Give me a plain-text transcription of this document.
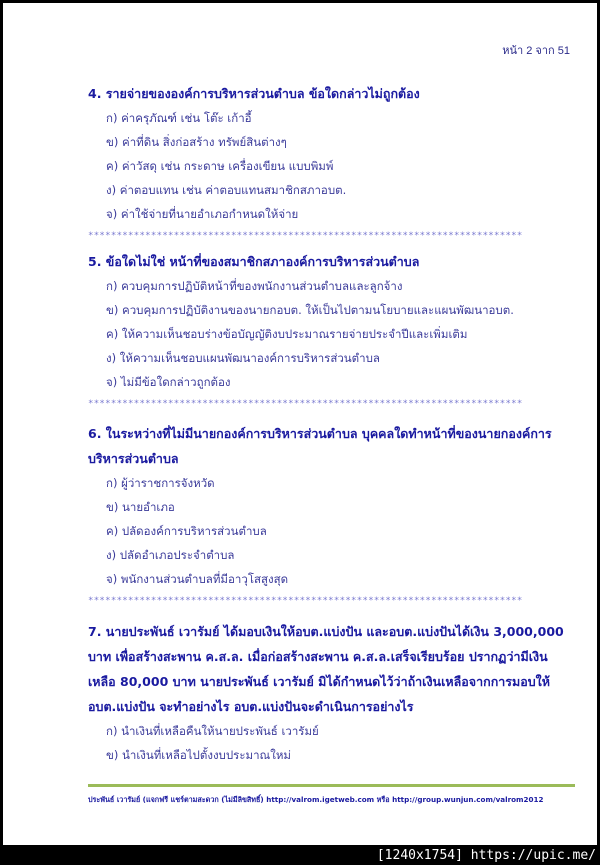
หน้า 2 จาก 51

4. รายจ่ายขององค์การบริหารส่วนตำบล ข้อใดกล่าวไม่ถูกต้อง

ก) ค่าครุภัณฑ์ เช่น โต๊ะ เก้าอี้

ข) ค่าที่ดิน สิ่งก่อสร้าง ทรัพย์สินต่างๆ

ค) ค่าวัสดุ เช่น กระดาษ เครื่องเขียน แบบพิมพ์

ง) ค่าตอบแทน เช่น ค่าตอบแทนสมาชิกสภาอบต.

จ) ค่าใช้จ่ายที่นายอำเภอกำหนดให้จ่าย

****************************************************************************

5. ข้อใดไม่ใช่ หน้าที่ของสมาชิกสภาองค์การบริหารส่วนตำบล

ก) ควบคุมการปฏิบัติหน้าที่ของพนักงานส่วนตำบลและลูกจ้าง

ข) ควบคุมการปฏิบัติงานของนายกอบต. ให้เป็นไปตามนโยบายและแผนพัฒนาอบต.

ค) ให้ความเห็นชอบร่างข้อบัญญัติงบประมาณรายจ่ายประจำปีและเพิ่มเติม

ง) ให้ความเห็นชอบแผนพัฒนาองค์การบริหารส่วนตำบล

จ) ไม่มีข้อใดกล่าวถูกต้อง

****************************************************************************

6. ในระหว่างที่ไม่มีนายกองค์การบริหารส่วนตำบล บุคคลใดทำหน้าที่ของนายกองค์การ

บริหารส่วนตำบล

ก) ผู้ว่าราชการจังหวัด

ข) นายอำเภอ

ค) ปลัดองค์การบริหารส่วนตำบล

ง) ปลัดอำเภอประจำตำบล

จ) พนักงานส่วนตำบลที่มีอาวุโสสูงสุด

****************************************************************************

7. นายประพันธ์ เวารัมย์ ได้มอบเงินให้อบต.แบ่งปัน และอบต.แบ่งปันได้เงิน 3,000,000

บาท เพื่อสร้างสะพาน ค.ส.ล. เมื่อก่อสร้างสะพาน ค.ส.ล.เสร็จเรียบร้อย ปรากฏว่ามีเงิน

เหลือ 80,000 บาท นายประพันธ์ เวารัมย์ มิได้กำหนดไว้ว่าถ้าเงินเหลือจากการมอบให้

อบต.แบ่งปัน จะทำอย่างไร อบต.แบ่งปันจะดำเนินการอย่างไร

ก) นำเงินที่เหลือคืนให้นายประพันธ์ เวารัมย์

ข) นำเงินที่เหลือไปตั้งงบประมาณใหม่

ประพันธ์ เวารัมย์ (แจกฟรี แชร์ตามสะดวก (ไม่มีลิขสิทธิ์) http://valrom.igetweb.com หรือ http://group.wunjun.com/valrom2012
[1240x1754] https://upic.me/
